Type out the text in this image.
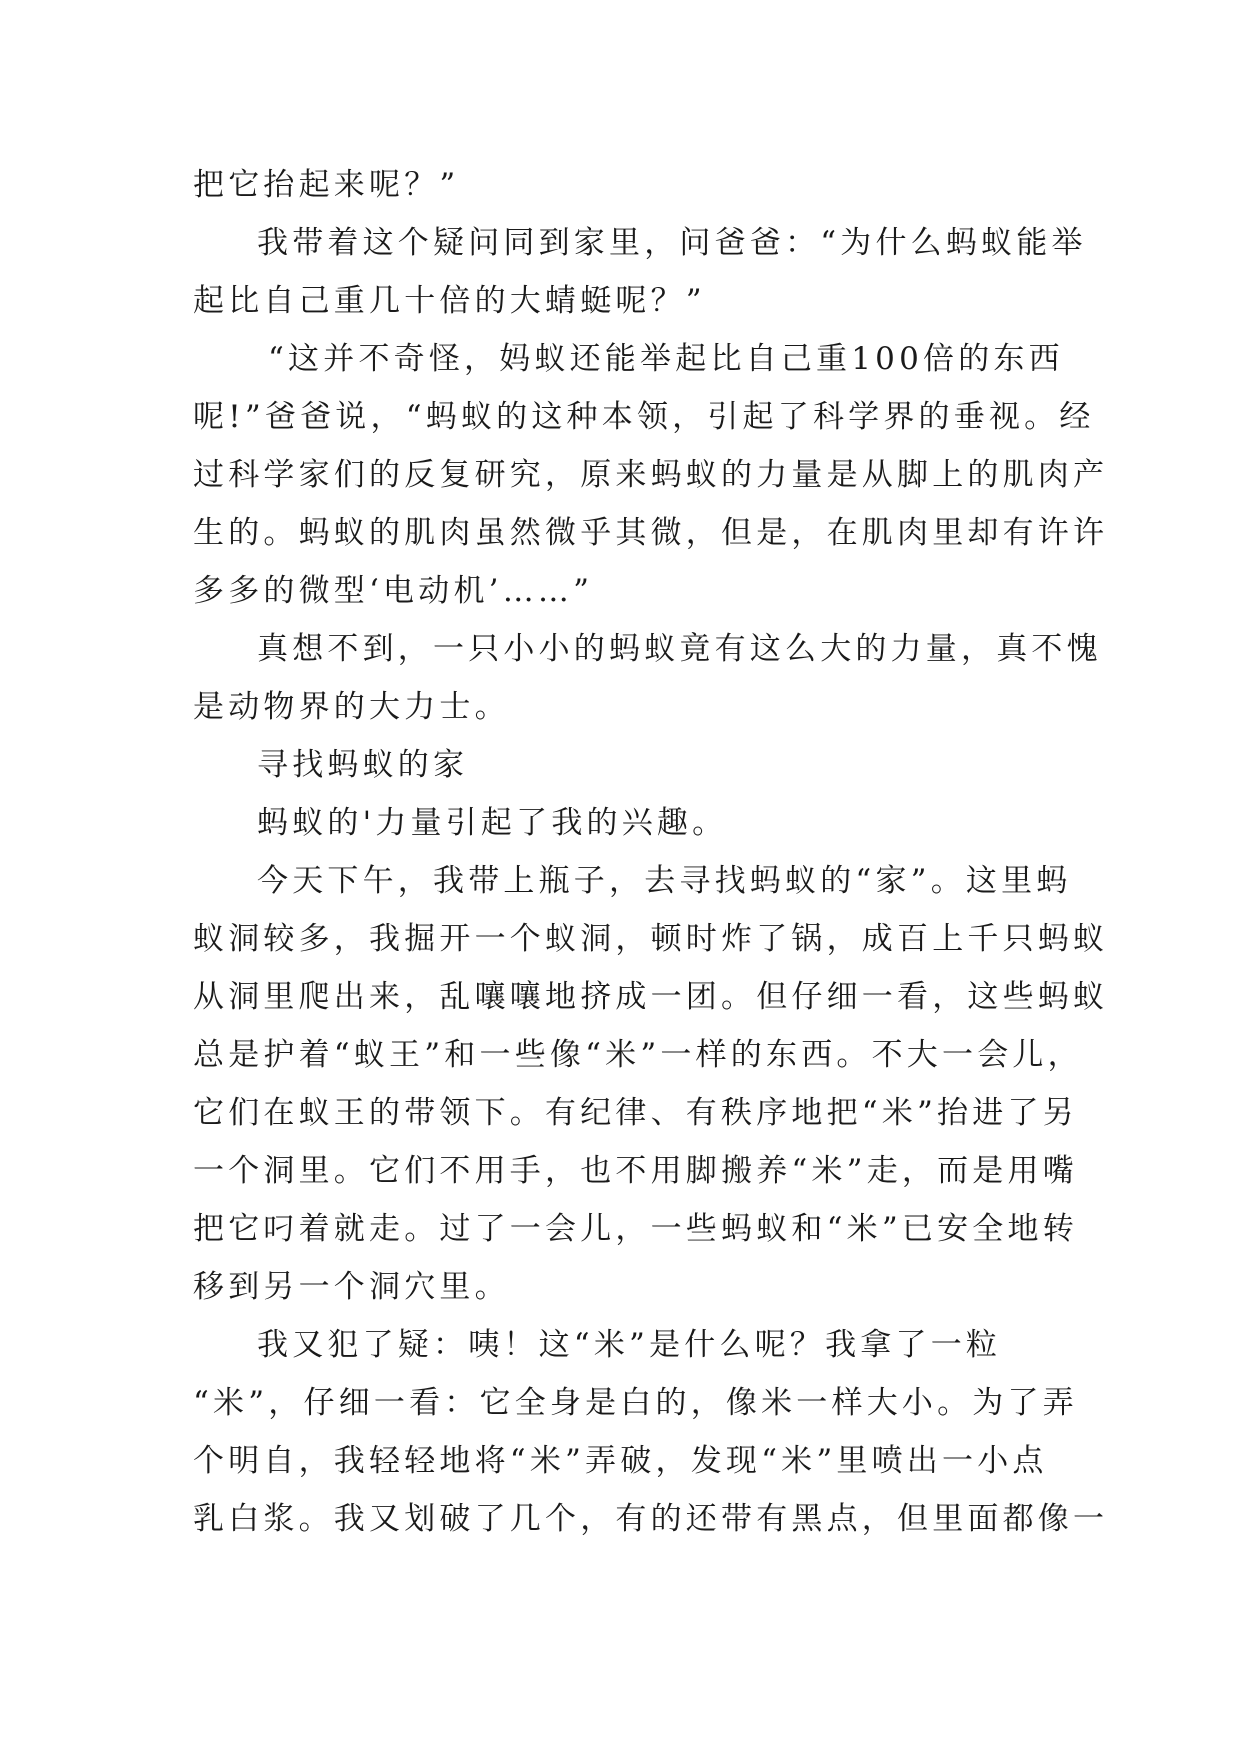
把它抬起来呢？”
我带着这个疑问同到家里，问爸爸：“为什么蚂蚁能举
起比自己重几十倍的大蜻蜓呢？”
“这并不奇怪，妈蚁还能举起比自己重100倍的东西
呢!”爸爸说，“蚂蚁的这种本领，引起了科学界的垂视。经
过科学家们的反复研究，原来蚂蚁的力量是从脚上的肌肉产
生的。蚂蚁的肌肉虽然微乎其微，但是，在肌肉里却有许许
多多的微型‘电动机’……”
真想不到，一只小小的蚂蚁竟有这么大的力量，真不愧
是动物界的大力士。
寻找蚂蚁的家
蚂蚁的'力量引起了我的兴趣。
今天下午，我带上瓶子，去寻找蚂蚁的“家”。这里蚂
蚁洞较多，我掘开一个蚁洞，顿时炸了锅，成百上千只蚂蚁
从洞里爬出来，乱嚷嚷地挤成一团。但仔细一看，这些蚂蚁
总是护着“蚁王”和一些像“米”一样的东西。不大一会儿，
它们在蚁王的带领下。有纪律、有秩序地把“米”抬进了另
一个洞里。它们不用手，也不用脚搬养“米”走，而是用嘴
把它叼着就走。过了一会儿，一些蚂蚁和“米”已安全地转
移到另一个洞穴里。
我又犯了疑：咦！这“米”是什么呢？我拿了一粒
“米”，仔细一看：它全身是白的，像米一样大小。为了弄
个明自，我轻轻地将“米”弄破，发现“米”里喷出一小点
乳白浆。我又划破了几个，有的还带有黑点，但里面都像一
